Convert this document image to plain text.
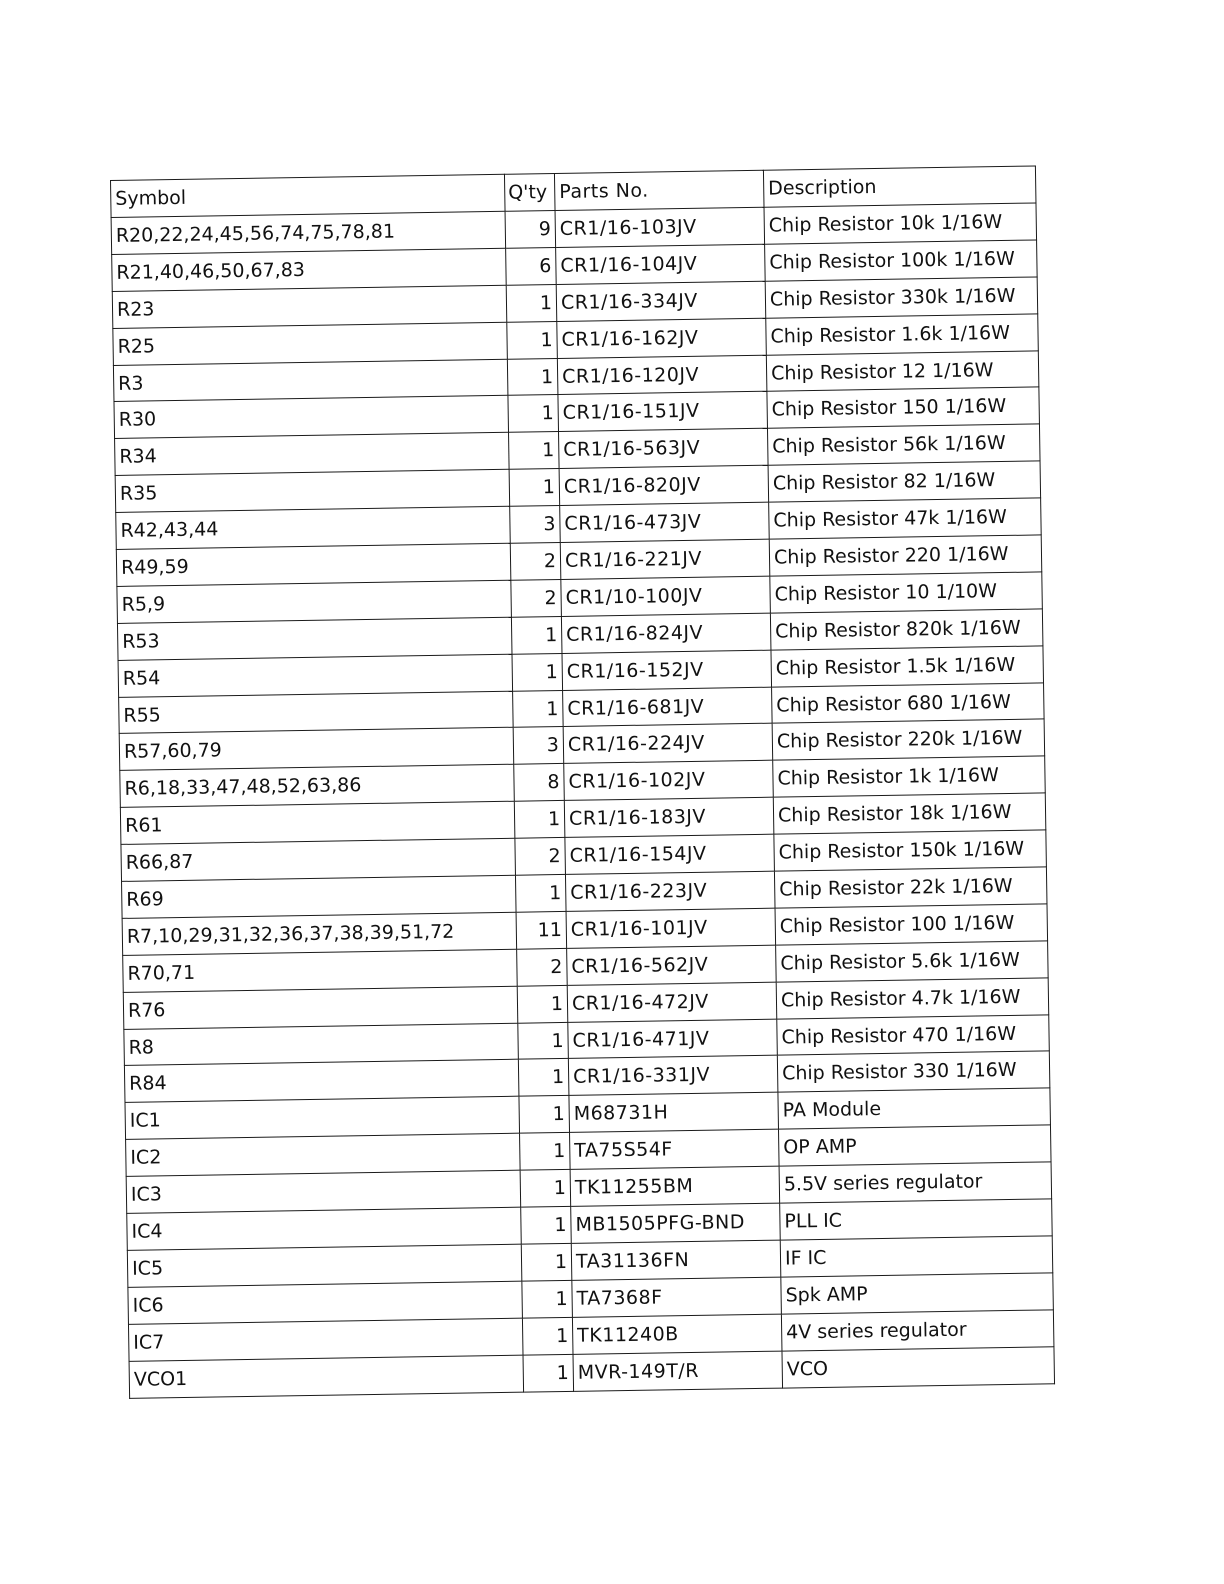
Symbol	Q'ty	Parts No.	Description
R20,22,24,45,56,74,75,78,81	9	CR1/16-103JV	Chip Resistor 10k 1/16W
R21,40,46,50,67,83	6	CR1/16-104JV	Chip Resistor 100k 1/16W
R23	1	CR1/16-334JV	Chip Resistor 330k 1/16W
R25	1	CR1/16-162JV	Chip Resistor 1.6k 1/16W
R3	1	CR1/16-120JV	Chip Resistor 12 1/16W
R30	1	CR1/16-151JV	Chip Resistor 150 1/16W
R34	1	CR1/16-563JV	Chip Resistor 56k 1/16W
R35	1	CR1/16-820JV	Chip Resistor 82 1/16W
R42,43,44	3	CR1/16-473JV	Chip Resistor 47k 1/16W
R49,59	2	CR1/16-221JV	Chip Resistor 220 1/16W
R5,9	2	CR1/10-100JV	Chip Resistor 10 1/10W
R53	1	CR1/16-824JV	Chip Resistor 820k 1/16W
R54	1	CR1/16-152JV	Chip Resistor 1.5k 1/16W
R55	1	CR1/16-681JV	Chip Resistor 680 1/16W
R57,60,79	3	CR1/16-224JV	Chip Resistor 220k 1/16W
R6,18,33,47,48,52,63,86	8	CR1/16-102JV	Chip Resistor 1k 1/16W
R61	1	CR1/16-183JV	Chip Resistor 18k 1/16W
R66,87	2	CR1/16-154JV	Chip Resistor 150k 1/16W
R69	1	CR1/16-223JV	Chip Resistor 22k 1/16W
R7,10,29,31,32,36,37,38,39,51,72	11	CR1/16-101JV	Chip Resistor 100 1/16W
R70,71	2	CR1/16-562JV	Chip Resistor 5.6k 1/16W
R76	1	CR1/16-472JV	Chip Resistor 4.7k 1/16W
R8	1	CR1/16-471JV	Chip Resistor 470 1/16W
R84	1	CR1/16-331JV	Chip Resistor 330 1/16W
IC1	1	M68731H	PA Module
IC2	1	TA75S54F	OP AMP
IC3	1	TK11255BM	5.5V series regulator
IC4	1	MB1505PFG-BND	PLL IC
IC5	1	TA31136FN	IF IC
IC6	1	TA7368F	Spk AMP
IC7	1	TK11240B	4V series regulator
VCO1	1	MVR-149T/R	VCO
